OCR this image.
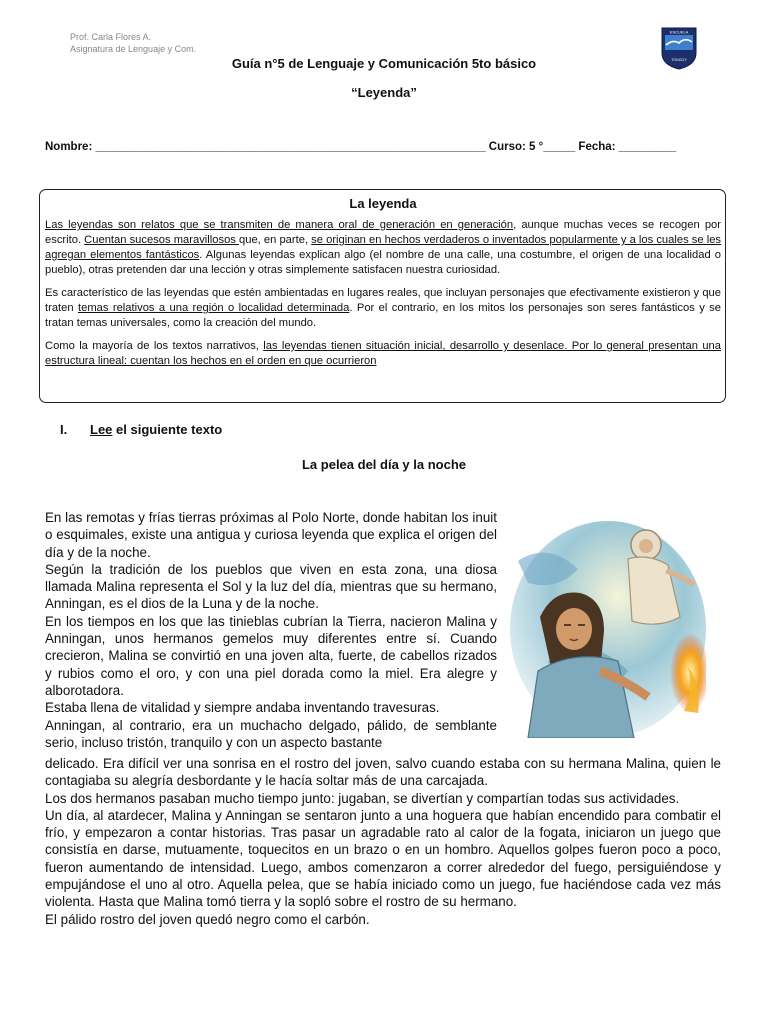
Prof. Carla Flores A.
Asignatura de Lenguaje y Com.
ESCUELA
TONGOY
Guía n°5 de Lenguaje y Comunicación 5to básico
“Leyenda”
Nombre: _____________________________________________________________ Curso: 5 °_____ Fecha: _________
La leyenda

Las leyendas son relatos que se transmiten de manera oral de generación en generación, aunque muchas veces se recogen por escrito. Cuentan sucesos maravillosos que, en parte, se originan en hechos verdaderos o inventados popularmente y a los cuales se les agregan elementos fantásticos. Algunas leyendas explican algo (el nombre de una calle, una costumbre, el origen de una localidad o pueblo), otras pretenden dar una lección y otras simplemente satisfacen nuestra curiosidad.

Es característico de las leyendas que estén ambientadas en lugares reales, que incluyan personajes que efectivamente existieron y que traten temas relativos a una región o localidad determinada. Por el contrario, en los mitos los personajes son seres fantásticos y se tratan temas universales, como la creación del mundo.

Como la mayoría de los textos narrativos, las leyendas tienen situación inicial, desarrollo y desenlace. Por lo general presentan una estructura lineal: cuentan los hechos en el orden en que ocurrieron

I. Lee el siguiente texto
La pelea del día y la noche

En las remotas y frías tierras próximas al Polo Norte, donde habitan los inuit o esquimales, existe una antigua y curiosa leyenda que explica el origen del día y de la noche.

Según la tradición de los pueblos que viven en esta zona, una diosa llamada Malina representa el Sol y la luz del día, mientras que su hermano, Anningan, es el dios de la Luna y de la noche.

En los tiempos en los que las tinieblas cubrían la Tierra, nacieron Malina y Anningan, unos hermanos gemelos muy diferentes entre sí. Cuando crecieron, Malina se convirtió en una joven alta, fuerte, de cabellos rizados y rubios como el oro, y con una piel dorada como la miel. Era alegre y alborotadora.

Estaba llena de vitalidad y siempre andaba inventando travesuras.

Anningan, al contrario, era un muchacho delgado, pálido, de semblante serio, incluso tristón, tranquilo y con un aspecto bastante

delicado. Era difícil ver una sonrisa en el rostro del joven, salvo cuando estaba con su hermana Malina, quien le contagiaba su alegría desbordante y le hacía soltar más de una carcajada.

Los dos hermanos pasaban mucho tiempo junto: jugaban, se divertían y compartían todas sus actividades.

Un día, al atardecer, Malina y Anningan se sentaron junto a una hoguera que habían encendido para combatir el frío, y empezaron a contar historias. Tras pasar un agradable rato al calor de la fogata, iniciaron un juego que consistía en darse, mutuamente, toquecitos en un brazo o en un hombro. Aquellos golpes fueron poco a poco, fueron aumentando de intensidad. Luego, ambos comenzaron a correr alrededor del fuego, persiguiéndose y empujándose el uno al otro. Aquella pelea, que se había iniciado como un juego, fue haciéndose cada vez más violenta. Hasta que Malina tomó tierra y la sopló sobre el rostro de su hermano.

El pálido rostro del joven quedó negro como el carbón.
